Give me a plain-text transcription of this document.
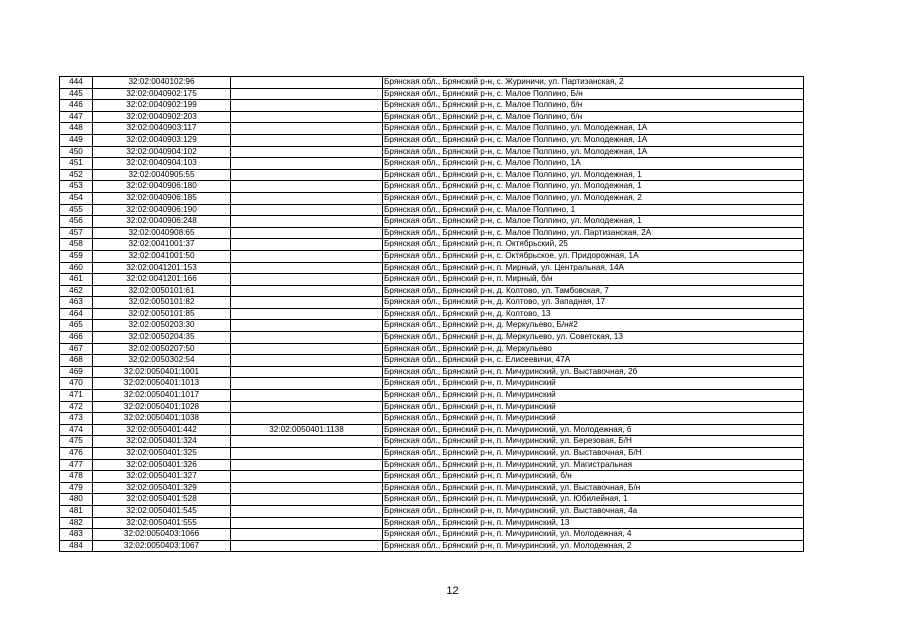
444	32:02:0040102:96		Брянская обл., Брянский р-н, с. Журиничи, ул. Партизанская, 2
445	32:02:0040902:175		Брянская обл., Брянский р-н, с. Малое Полпино, Б/н
446	32:02:0040902:199		Брянская обл., Брянский р-н, с. Малое Полпино, б/н
447	32:02:0040902:203		Брянская обл., Брянский р-н, с. Малое Полпино, б/н
448	32:02:0040903:117		Брянская обл., Брянский р-н, с. Малое Полпино, ул. Молодежная, 1А
449	32:02:0040903:129		Брянская обл., Брянский р-н, с. Малое Полпино, ул. Молодежная, 1А
450	32:02:0040904:102		Брянская обл., Брянский р-н, с. Малое Полпино, ул. Молодежная, 1А
451	32:02:0040904:103		Брянская обл., Брянский р-н, с. Малое Полпино, 1А
452	32:02:0040905:55		Брянская обл., Брянский р-н, с. Малое Полпино, ул. Молодежная, 1
453	32:02:0040906:180		Брянская обл., Брянский р-н, с. Малое Полпино, ул. Молодежная, 1
454	32:02:0040906:185		Брянская обл., Брянский р-н, с. Малое Полпино, ул. Молодежная, 2
455	32:02:0040906:190		Брянская обл., Брянский р-н, с. Малое Полпино, 1
456	32:02:0040906:248		Брянская обл., Брянский р-н, с. Малое Полпино, ул. Молодежная, 1
457	32:02:0040908:65		Брянская обл., Брянский р-н, с. Малое Полпино, ул. Партизанская, 2А
458	32:02:0041001:37		Брянская обл., Брянский р-н, п. Октябрьский, 25
459	32:02:0041001:50		Брянская обл., Брянский р-н, с. Октябрьское, ул. Придорожная, 1А
460	32:02:0041201:153		Брянская обл., Брянский р-н, п. Мирный, ул. Центральная, 14А
461	32:02:0041201:166		Брянская обл., Брянский р-н, п. Мирный, б/н
462	32:02:0050101:61		Брянская обл., Брянский р-н, д. Колтово, ул. Тамбовская, 7
463	32:02:0050101:82		Брянская обл., Брянский р-н, д. Колтово, ул. Западная, 17
464	32:02:0050101:85		Брянская обл., Брянский р-н, д. Колтово, 13
465	32:02:0050203:30		Брянская обл., Брянский р-н, д. Меркульево, Б/н#2
466	32:02:0050204:35		Брянская обл., Брянский р-н, д. Меркульево, ул. Советская, 13
467	32:02:0050207:50		Брянская обл., Брянский р-н, д. Меркульево
468	32:02:0050302:54		Брянская обл., Брянский р-н, с. Елисеевичи, 47А
469	32:02:0050401:1001		Брянская обл., Брянский р-н, п. Мичуринский, ул. Выставочная, 2б
470	32:02:0050401:1013		Брянская обл., Брянский р-н, п. Мичуринский
471	32:02:0050401:1017		Брянская обл., Брянский р-н, п. Мичуринский
472	32:02:0050401:1028		Брянская обл., Брянский р-н, п. Мичуринский
473	32:02:0050401:1038		Брянская обл., Брянский р-н, п. Мичуринский
474	32:02:0050401:442	32:02:0050401:1138	Брянская обл., Брянский р-н, п. Мичуринский, ул. Молодежная, 6
475	32:02:0050401:324		Брянская обл., Брянский р-н, п. Мичуринский, ул. Березовая, Б/Н
476	32:02:0050401:325		Брянская обл., Брянский р-н, п. Мичуринский, ул. Выставочная, Б/Н
477	32:02:0050401:326		Брянская обл., Брянский р-н, п. Мичуринский, ул. Магистральная
478	32:02:0050401:327		Брянская обл., Брянский р-н, п. Мичуринский, б/н
479	32:02:0050401:329		Брянская обл., Брянский р-н, п. Мичуринский, ул. Выставочная, Б/н
480	32:02:0050401:528		Брянская обл., Брянский р-н, п. Мичуринский, ул. Юбилейная, 1
481	32:02:0050401:545		Брянская обл., Брянский р-н, п. Мичуринский, ул. Выставочная, 4а
482	32:02:0050401:555		Брянская обл., Брянский р-н, п. Мичуринский, 13
483	32:02:0050403:1066		Брянская обл., Брянский р-н, п. Мичуринский, ул. Молодежная, 4
484	32:02:0050403:1067		Брянская обл., Брянский р-н, п. Мичуринский, ул. Молодежная, 2
12
